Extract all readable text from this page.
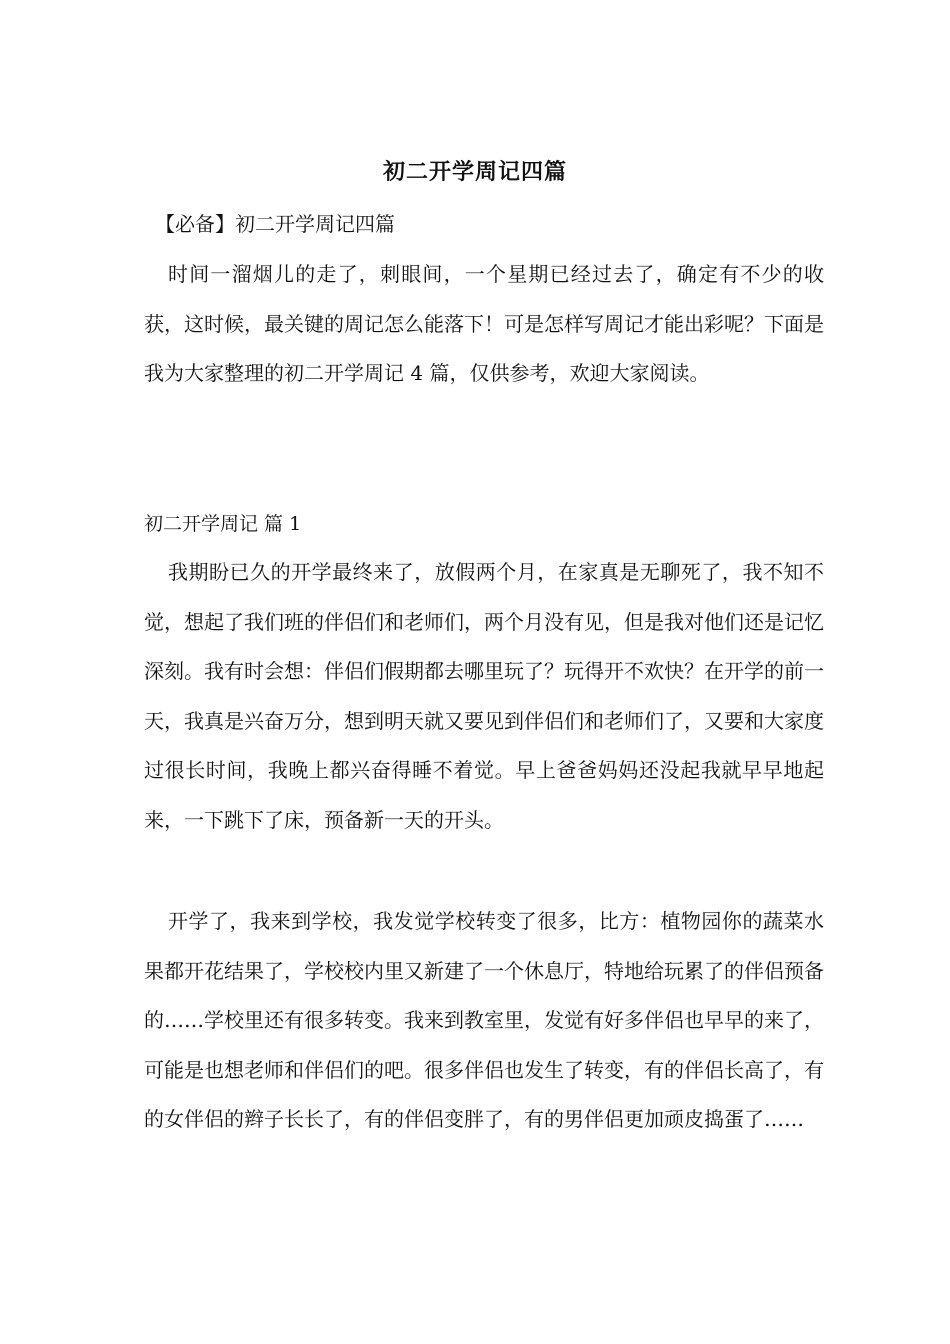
初二开学周记四篇
【必备】初二开学周记四篇

时间一溜烟儿的走了，刺眼间，一个星期已经过去了，确定有不少的收获，这时候，最关键的周记怎么能落下！可是怎样写周记才能出彩呢？下面是我为大家整理的初二开学周记 4 篇，仅供参考，欢迎大家阅读。

初二开学周记 篇 1

我期盼已久的开学最终来了，放假两个月，在家真是无聊死了，我不知不觉，想起了我们班的伴侣们和老师们，两个月没有见，但是我对他们还是记忆深刻。我有时会想：伴侣们假期都去哪里玩了？玩得开不欢快？在开学的前一天，我真是兴奋万分，想到明天就又要见到伴侣们和老师们了，又要和大家度过很长时间，我晚上都兴奋得睡不着觉。早上爸爸妈妈还没起我就早早地起来，一下跳下了床，预备新一天的开头。

开学了，我来到学校，我发觉学校转变了很多，比方：植物园你的蔬菜水果都开花结果了，学校校内里又新建了一个休息厅，特地给玩累了的伴侣预备的……学校里还有很多转变。我来到教室里，发觉有好多伴侣也早早的来了，可能是也想老师和伴侣们的吧。很多伴侣也发生了转变，有的伴侣长高了，有的女伴侣的辫子长长了，有的伴侣变胖了，有的男伴侣更加顽皮捣蛋了……
